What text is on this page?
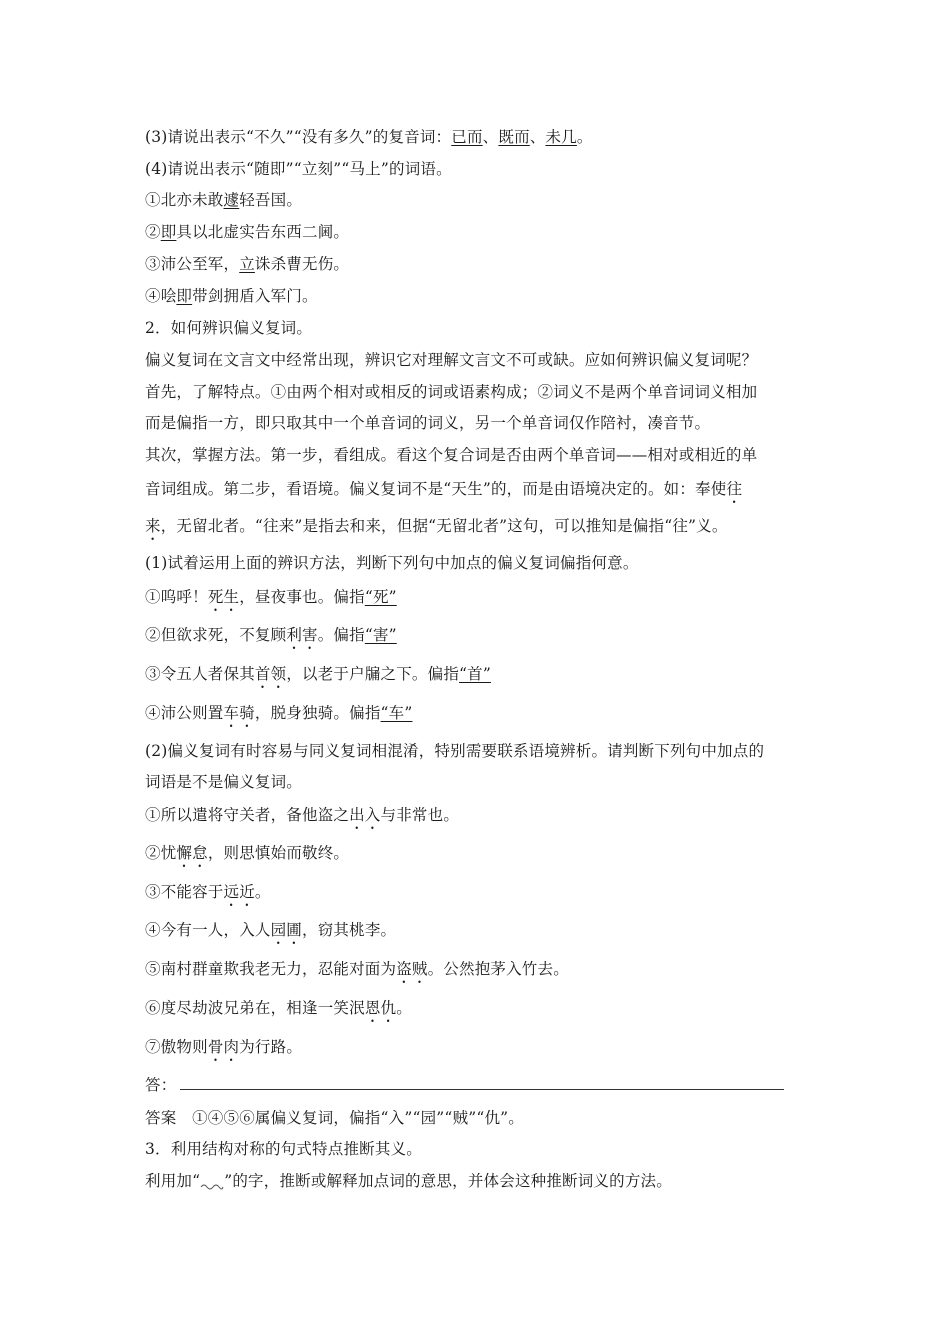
(3)请说出表示“不久”“没有多久”的复音词：已而、既而、未几。
(4)请说出表示“随即”“立刻”“马上”的词语。
①北亦未敢遽轻吾国。
②即具以北虚实告东西二阃。
③沛公至军，立诛杀曹无伤。
④哙即带剑拥盾入军门。
2．如何辨识偏义复词。
偏义复词在文言文中经常出现，辨识它对理解文言文不可或缺。应如何辨识偏义复词呢？
首先，了解特点。①由两个相对或相反的词或语素构成；②词义不是两个单音词词义相加
而是偏指一方，即只取其中一个单音词的词义，另一个单音词仅作陪衬，凑音节。
其次，掌握方法。第一步，看组成。看这个复合词是否由两个单音词——相对或相近的单
音词组成。第二步，看语境。偏义复词不是“天生”的，而是由语境决定的。如：奉使往
来，无留北者。“往来”是指去和来，但据“无留北者”这句，可以推知是偏指“往”义。
(1)试着运用上面的辨识方法，判断下列句中加点的偏义复词偏指何意。
①呜呼！死生，昼夜事也。偏指“死”
②但欲求死，不复顾利害。偏指“害”
③令五人者保其首领，以老于户牖之下。偏指“首”
④沛公则置车骑，脱身独骑。偏指“车”
(2)偏义复词有时容易与同义复词相混淆，特别需要联系语境辨析。请判断下列句中加点的
词语是不是偏义复词。
①所以遣将守关者，备他盗之出入与非常也。
②忧懈怠，则思慎始而敬终。
③不能容于远近。
④今有一人，入人园圃，窃其桃李。
⑤南村群童欺我老无力，忍能对面为盗贼。公然抱茅入竹去。
⑥度尽劫波兄弟在，相逢一笑泯恩仇。
⑦傲物则骨肉为行路。
答：
答案　①④⑤⑥属偏义复词，偏指“入”“园”“贼”“仇”。
3．利用结构对称的句式特点推断其义。
利用加“ ”的字，推断或解释加点词的意思，并体会这种推断词义的方法。
